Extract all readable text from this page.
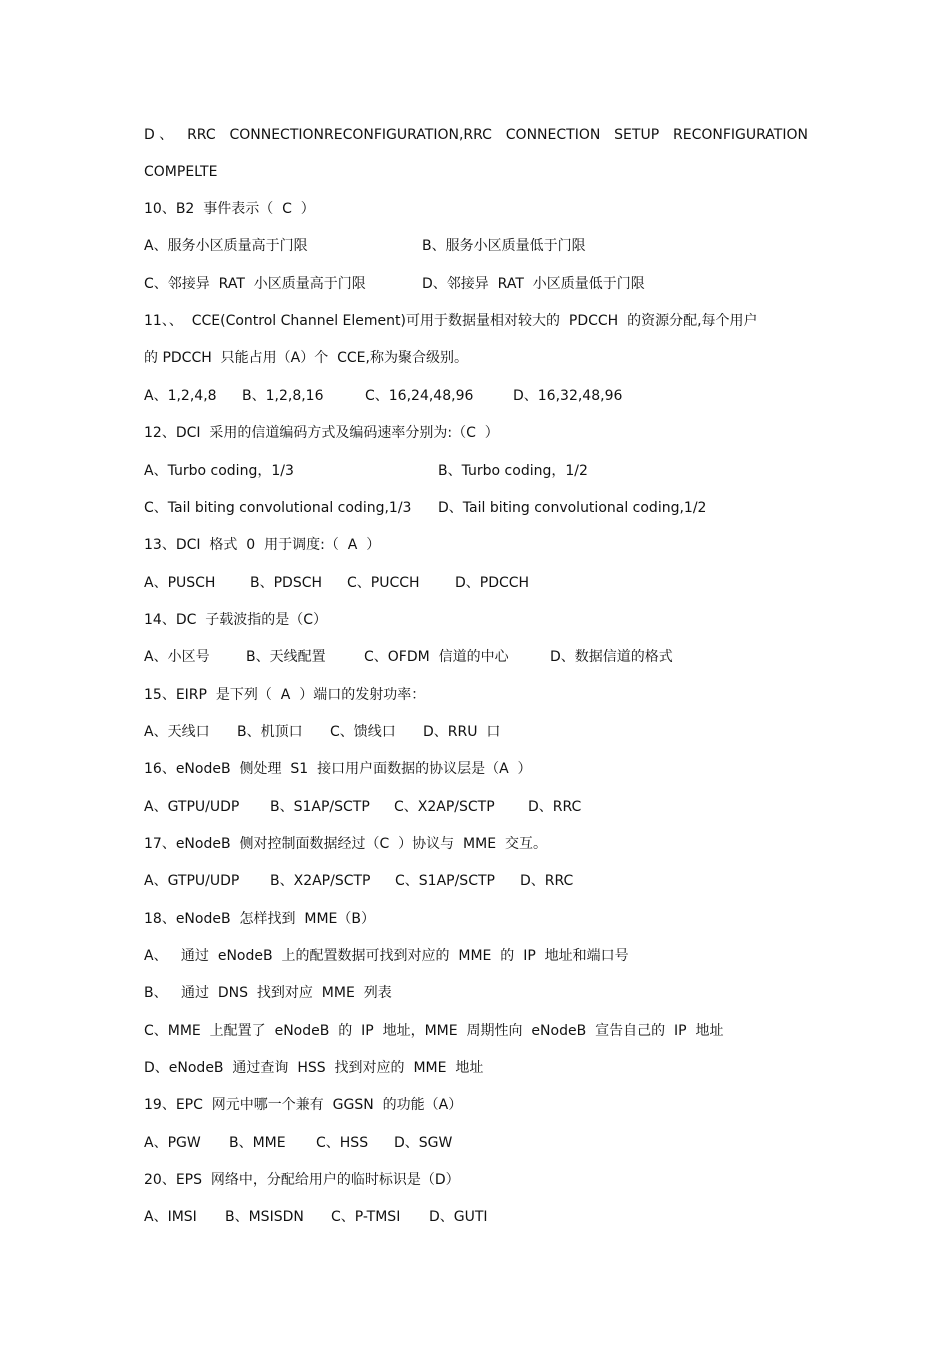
D 、 RRC CONNECTIONRECONFIGURATION,RRC CONNECTION SETUP RECONFIGURATION
COMPELTE
10、B2  事件表示（  C  ）

A、服务小区质量高于门限

	B、服务小区质量低于门限

C、邻接异  RAT  小区质量高于门限

	D、邻接异  RAT  小区质量低于门限

11、、  CCE(Control Channel Element)可用于数据量相对较大的  PDCCH  的资源分配,每个用户
的 PDCCH  只能占用（A）个  CCE,称为聚合级别。

A、1,2,4,8

B、1,2,8,16

	C、16,24,48,96

	D、16,32,48,96

12、DCI  采用的信道编码方式及编码速率分别为:（C  ）

A、Turbo coding，1/3

	B、Turbo coding，1/2

C、Tail biting convolutional coding,1/3

D、Tail biting convolutional coding,1/2

13、DCI  格式  0  用于调度:（  A  ）

A、PUSCH

B、PDSCH

C、PUCCH

	D、PDCCH

14、DC  子载波指的是（C）

A、小区号

	B、天线配置

	C、OFDM  信道的中心

	D、数据信道的格式

15、EIRP  是下列（  A  ）端口的发射功率：

A、天线口

B、机顶口

C、馈线口

D、RRU  口

16、eNodeB  侧处理  S1  接口用户面数据的协议层是（A  ）

A、GTPU/UDP

B、S1AP/SCTP

C、X2AP/SCTP

D、RRC

17、eNodeB  侧对控制面数据经过（C  ）协议与  MME  交互。

A、GTPU/UDP

B、X2AP/SCTP

C、S1AP/SCTP

D、RRC

18、eNodeB  怎样找到  MME（B）
A、   通过  eNodeB  上的配置数据可找到对应的  MME  的  IP  地址和端口号
B、   通过  DNS  找到对应  MME  列表
C、MME  上配置了  eNodeB  的  IP  地址，MME  周期性向  eNodeB  宣告自己的  IP  地址
D、eNodeB  通过查询  HSS  找到对应的  MME  地址
19、EPC  网元中哪一个兼有  GGSN  的功能（A）

A、PGW

B、MME

C、HSS

D、SGW

20、EPS  网络中，分配给用户的临时标识是（D）

A、IMSI

B、MSISDN

C、P-TMSI

D、GUTI
